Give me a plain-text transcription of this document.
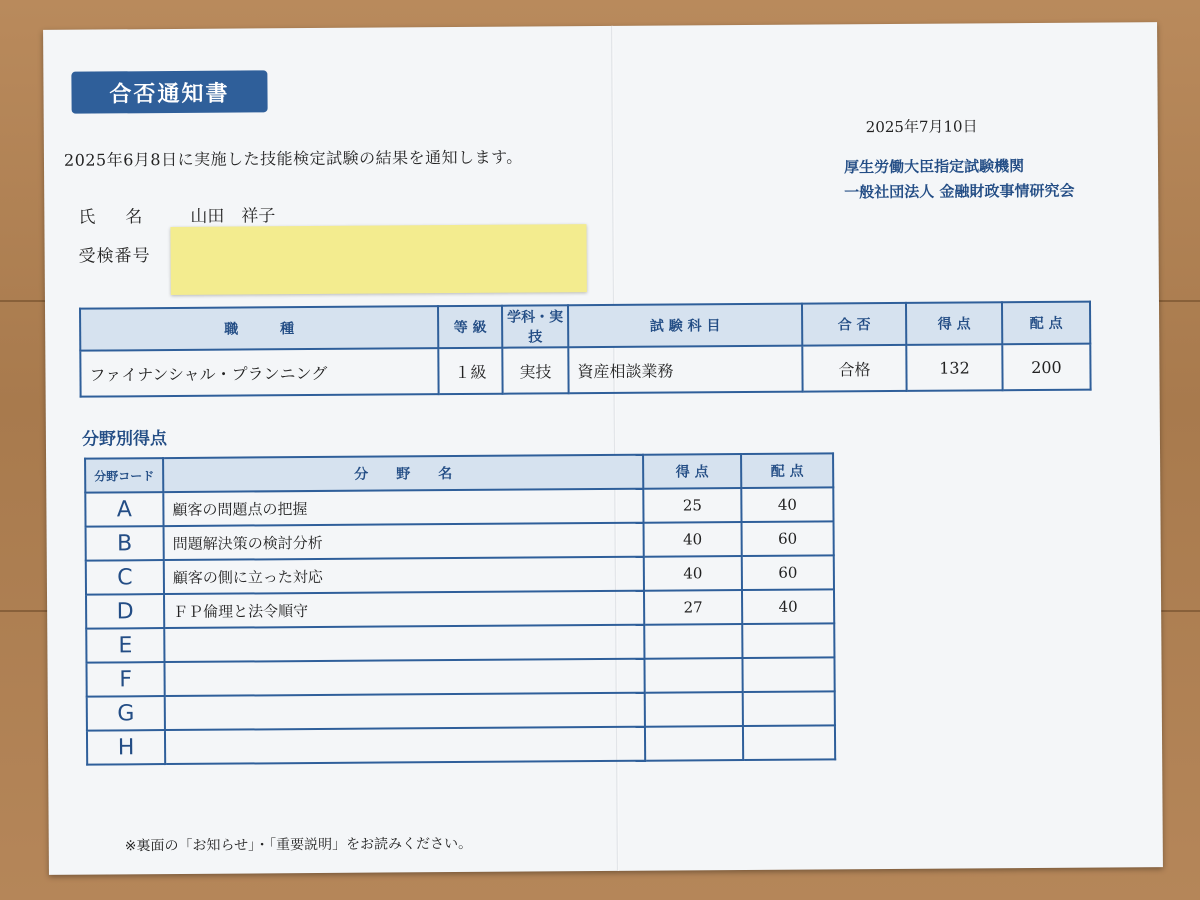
合否通知書
2025年6月8日に実施した技能検定試験の結果を通知します。
2025年7月10日
厚生労働大臣指定試験機関
一般社団法人 金融財政事情研究会
氏名 山田　祥子
受検番号
職　　　種	等 級	学科・実技	試 験 科 目	合 否	得 点	配 点
ファイナンシャル・プランニング	１級	実技	資産相談業務	合格	132	200
分野別得点
分野コード	分　　野　　名	得 点	配 点
A	顧客の問題点の把握	25	40
B	問題解決策の検討分析	40	60
C	顧客の側に立った対応	40	60
D	ＦＰ倫理と法令順守	27	40
E			
F			
G			
H			
※裏面の「お知らせ」・「重要説明」をお読みください。
